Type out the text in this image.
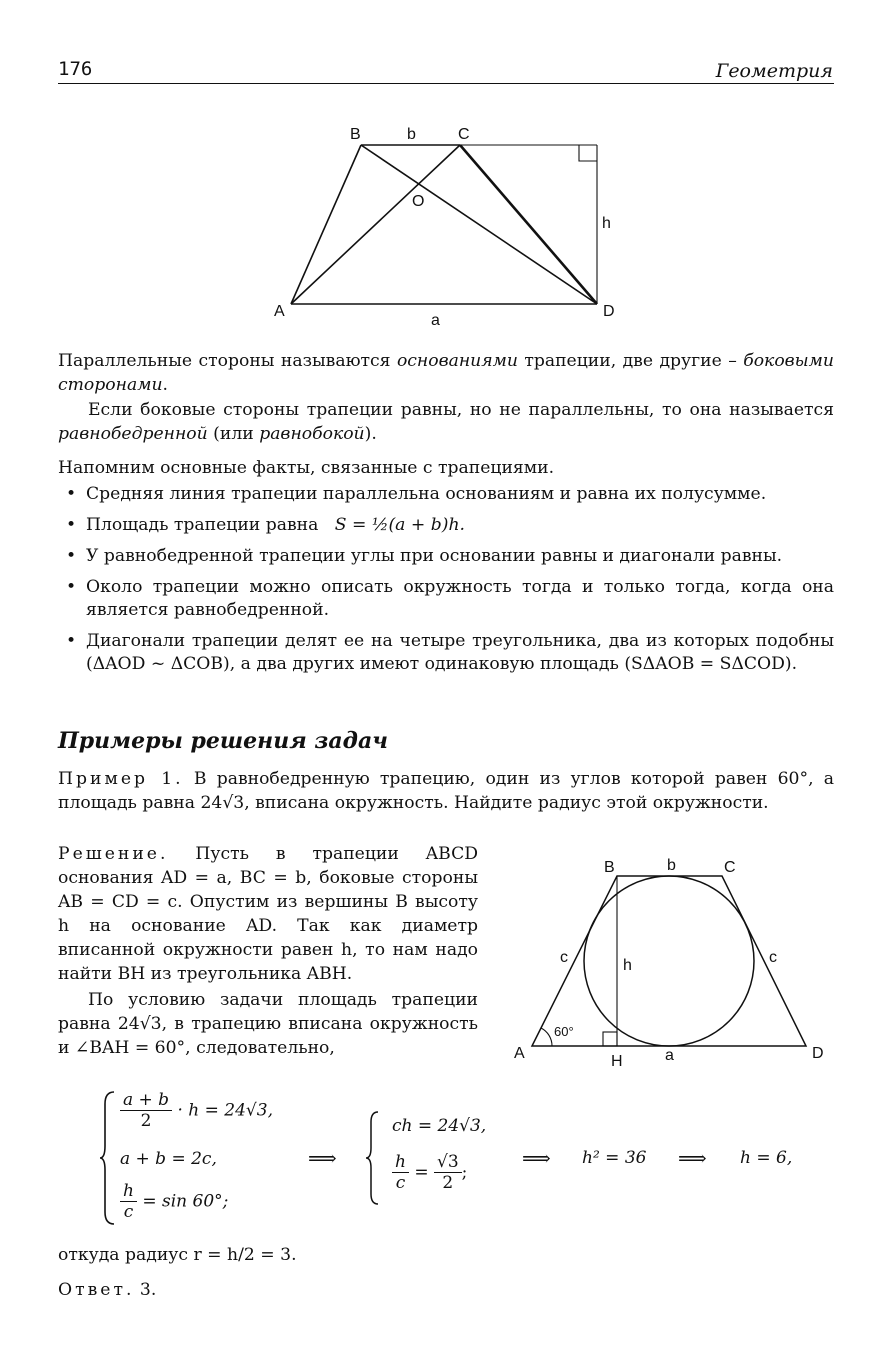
176	Геометрия
B	b	C
O
h
A
a
D
Параллельные стороны называются основаниями трапеции, две другие – боковыми сторонами.
Если боковые стороны трапеции равны, но не параллельны, то она называется равнобедренной (или равнобокой).
Напомним основные факты, связанные с трапециями.
• Средняя линия трапеции параллельна основаниям и равна их полусумме.
• Площадь трапеции равна S = ½(a + b)h.
• У равнобедренной трапеции углы при основании равны и диагонали равны.
• Около трапеции можно описать окружность тогда и только тогда, когда она является равнобедренной.
• Диагонали трапеции делят ее на четыре треугольника, два из которых подобны (ΔAOD ~ ΔCOB), а два других имеют одинаковую площадь (SΔAOB = SΔCOD).
Примеры решения задач
Пример 1. В равнобедренную трапецию, один из углов которой равен 60°, а площадь равна 24√3, вписана окружность. Найдите радиус этой окружности.
Решение. Пусть в трапеции ABCD основания AD = a, BC = b, боковые стороны AB = CD = c. Опустим из вершины B высоту h на основание AD. Так как диаметр вписанной окружности равен h, то нам надо найти BH из треугольника ABH.
По условию задачи площадь трапеции равна 24√3, в трапецию вписана окружность и ∠BAH = 60°, следовательно,
B	b	C
c	c
h
60°
A	H	a	D
$\frac{a + b}{2} \cdot h = 24√3$,
a + b = 2c,
$\frac{h}{c} = \sin 60^\circ$;
⟹
ch = 24√3,
$\frac{h}{c} = \frac{√3}{2}$ ;
⟹ h² = 36 ⟹ h = 6,
откуда радиус r = h/2 = 3.
Ответ. 3.
